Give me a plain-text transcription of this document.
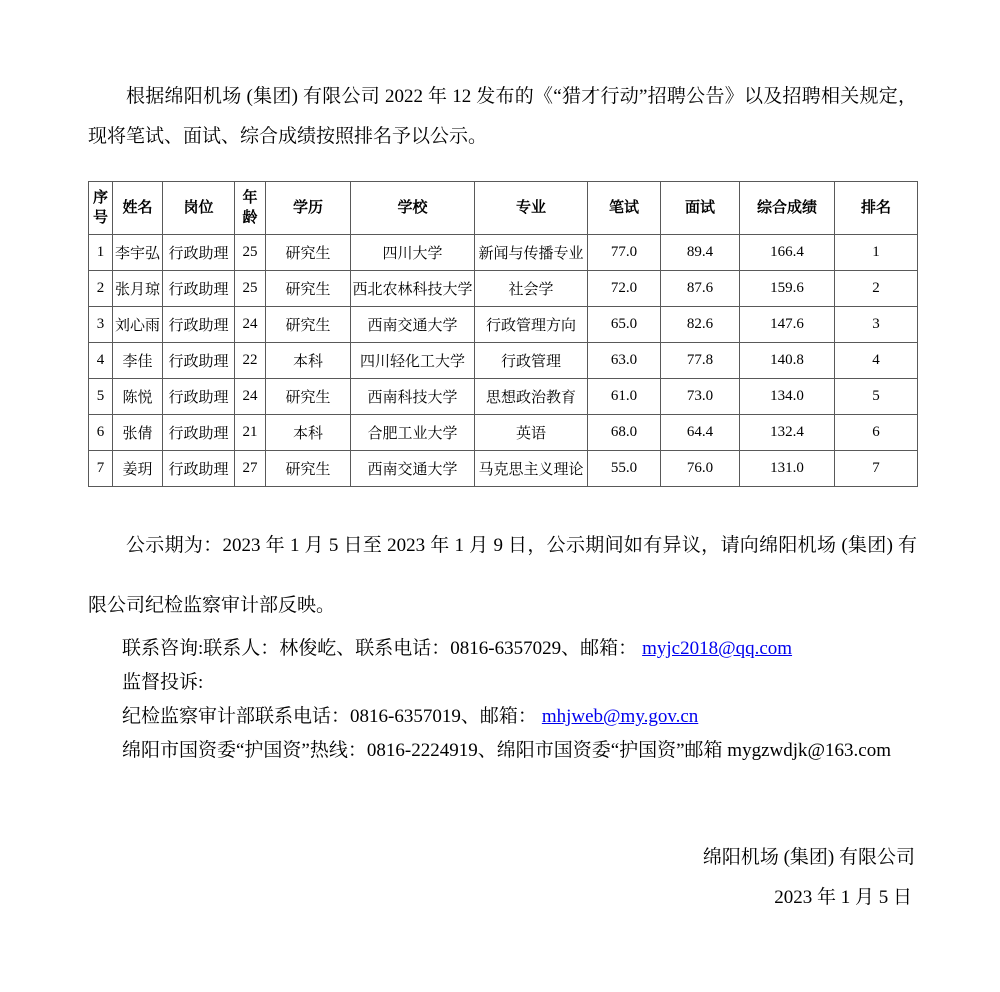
根据绵阳机场 (集团) 有限公司 2022 年 12 发布的《“猎才行动”招聘公告》以及招聘相关规定，现将笔试、面试、综合成绩按照排名予以公示。

序号	姓名	岗位	年龄	学历	学校	专业	笔试	面试	综合成绩	排名
1	李宇弘	行政助理	25	研究生	四川大学	新闻与传播专业	77.0	89.4	166.4	1
2	张月琼	行政助理	25	研究生	西北农林科技大学	社会学	72.0	87.6	159.6	2
3	刘心雨	行政助理	24	研究生	西南交通大学	行政管理方向	65.0	82.6	147.6	3
4	李佳	行政助理	22	本科	四川轻化工大学	行政管理	63.0	77.8	140.8	4
5	陈悦	行政助理	24	研究生	西南科技大学	思想政治教育	61.0	73.0	134.0	5
6	张倩	行政助理	21	本科	合肥工业大学	英语	68.0	64.4	132.4	6
7	姜玥	行政助理	27	研究生	西南交通大学	马克思主义理论	55.0	76.0	131.0	7

公示期为：2023 年 1 月 5 日至 2023 年 1 月 9 日，公示期间如有异议，请向绵阳机场 (集团) 有限公司纪检监察审计部反映。

联系咨询:联系人：林俊屹、联系电话：0816-6357029、邮箱： myjc2018@qq.com

监督投诉:

纪检监察审计部联系电话：0816-6357019、邮箱： mhjweb@my.gov.cn

绵阳市国资委“护国资”热线：0816-2224919、绵阳市国资委“护国资”邮箱 mygzwdjk@163.com

绵阳机场 (集团) 有限公司

2023 年 1 月 5 日
